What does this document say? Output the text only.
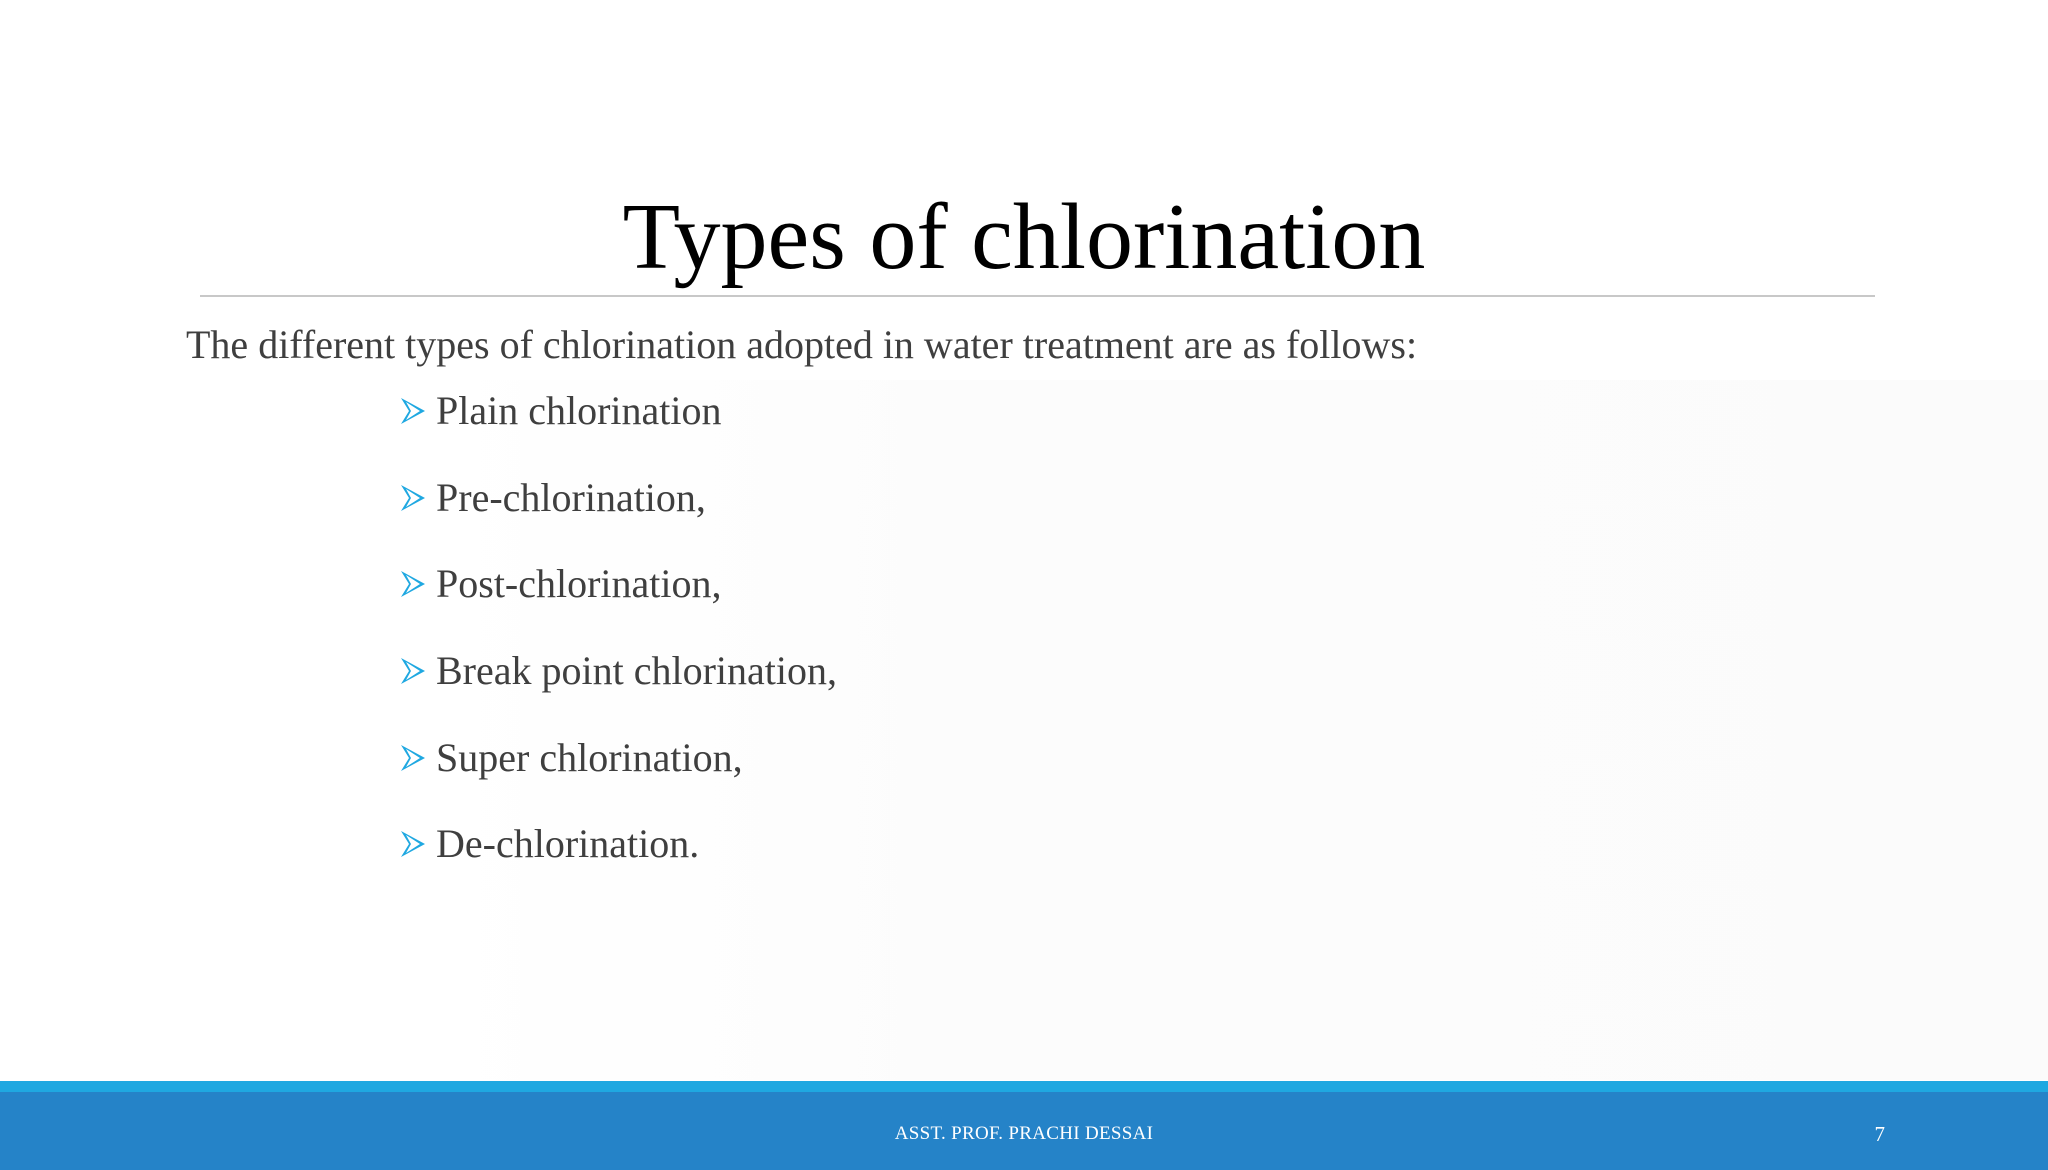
Types of chlorination
The different types of chlorination adopted in water treatment are as follows:
Plain chlorination
Pre-chlorination,
Post-chlorination,
Break point chlorination,
Super chlorination,
De-chlorination.
ASST. PROF. PRACHI DESSAI	7
